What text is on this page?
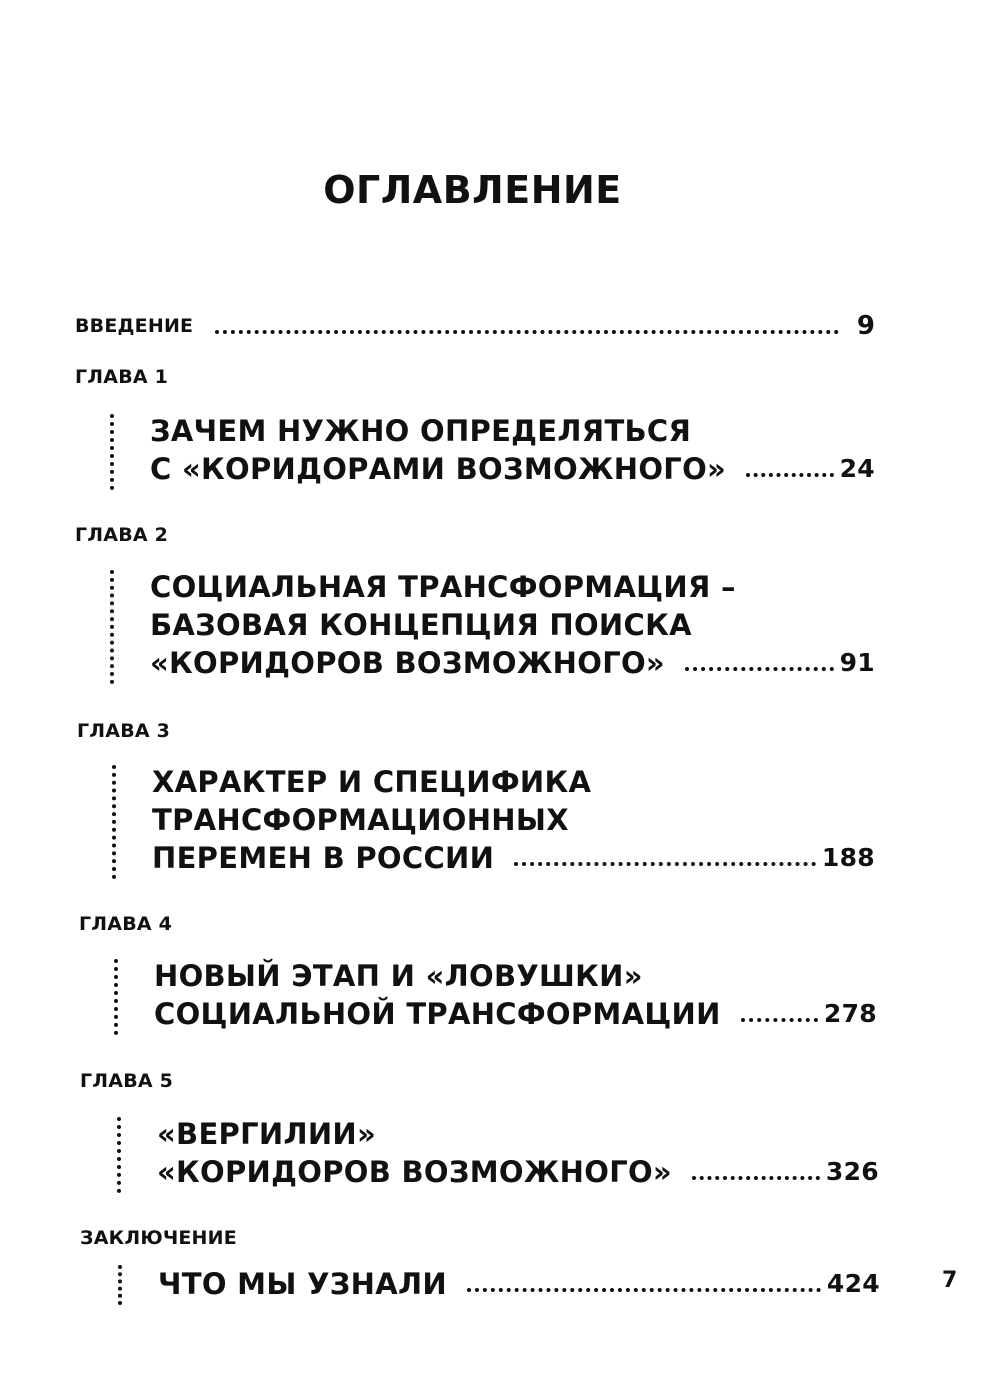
ОГЛАВЛЕНИЕ
ВВЕДЕНИЕ	9
ГЛАВА 1
ЗАЧЕМ НУЖНО ОПРЕДЕЛЯТЬСЯ
С «КОРИДОРАМИ ВОЗМОЖНОГО»	24
ГЛАВА 2
СОЦИАЛЬНАЯ ТРАНСФОРМАЦИЯ –
БАЗОВАЯ КОНЦЕПЦИЯ ПОИСКА
«КОРИДОРОВ ВОЗМОЖНОГО»	91
ГЛАВА 3
ХАРАКТЕР И СПЕЦИФИКА
ТРАНСФОРМАЦИОННЫХ
ПЕРЕМЕН В РОССИИ	188
ГЛАВА 4
НОВЫЙ ЭТАП И «ЛОВУШКИ»
СОЦИАЛЬНОЙ ТРАНСФОРМАЦИИ	278
ГЛАВА 5
«ВЕРГИЛИИ»
«КОРИДОРОВ ВОЗМОЖНОГО»	326
ЗАКЛЮЧЕНИЕ
ЧТО МЫ УЗНАЛИ	424	7
